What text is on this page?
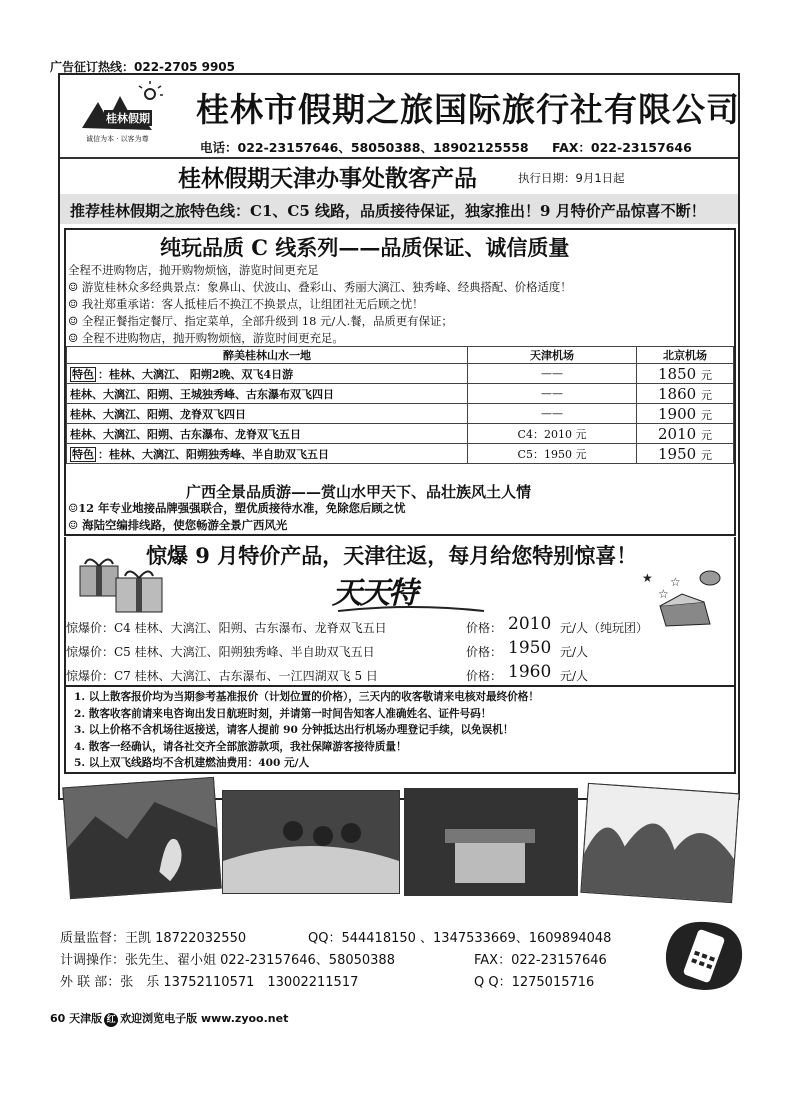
广告征订热线：022-2705 9905
桂林假期
诚信为本 · 以客为尊
桂林市假期之旅国际旅行社有限公司
电话：022-23157646、58050388、18902125558 FAX：022-23157646
桂林假期天津办事处散客产品	执行日期：9月1日起
推荐桂林假期之旅特色线：C1、C5 线路，品质接待保证，独家推出！9 月特价产品惊喜不断！
纯玩品质 C 线系列——品质保证、诚信质量
全程不进购物店，抛开购物烦恼，游览时间更充足
☺ 游览桂林众多经典景点：象鼻山、伏波山、叠彩山、秀丽大漓江、独秀峰、经典搭配、价格适度！
☺ 我社郑重承诺：客人抵桂后不换江不换景点，让组团社无后顾之忧！
☺ 全程正餐指定餐厅、指定菜单，全部升级到 18 元/人.餐，品质更有保证；
☺ 全程不进购物店，抛开购物烦恼，游览时间更充足。
醉美桂林山水一地	天津机场	北京机场
特色 ：桂林、大漓江、 阳朔2晚、双飞4日游	——	1850 元
桂林、大漓江、阳朔、王城独秀峰、古东瀑布双飞四日	——	1860 元
桂林、大漓江、阳朔、龙脊双飞四日	——	1900 元
桂林、大漓江、阳朔、古东瀑布、龙脊双飞五日	C4：2010 元	2010 元
特色 ：桂林、大漓江、阳朔独秀峰、半自助双飞五日	C5：1950 元	1950 元
广西全景品质游——赏山水甲天下、品壮族风土人情
☺12 年专业地接品牌强强联合，塑优质接待水准，免除您后顾之忧
☺ 海陆空编排线路，使您畅游全景广西风光
惊爆 9 月特价产品，天津往返，每月给您特别惊喜！
天天特	★ ☆
☆
惊爆价：C4 桂林、大漓江、阳朔、古东瀑布、龙脊双飞五日	价格： 2010 元/人（纯玩团）
惊爆价：C5 桂林、大漓江、阳朔独秀峰、半自助双飞五日	价格： 1950 元/人
惊爆价：C7 桂林、大漓江、古东瀑布、一江四湖双飞 5 日	价格： 1960 元/人
1. 以上散客报价均为当期参考基准报价（计划位置的价格），三天内的收客敬请来电核对最终价格！
2. 散客收客前请来电咨询出发日航班时刻，并请第一时间告知客人准确姓名、证件号码！
3. 以上价格不含机场往返接送，请客人提前 90 分钟抵达出行机场办理登记手续，以免误机！
4. 散客一经确认，请各社交齐全部旅游款项，我社保障游客接待质量！
5. 以上双飞线路均不含机建燃油费用：400 元/人
质量监督：王凯 18722032550	QQ：544418150 、1347533669、1609894048
计调操作：张先生、翟小姐 022-23157646、58050388	FAX：022-23157646
外 联 部：张　乐 13752110571　13002211517	Q Q：1275015716
60 天津版 红 欢迎浏览电子版 www.zyoo.net
